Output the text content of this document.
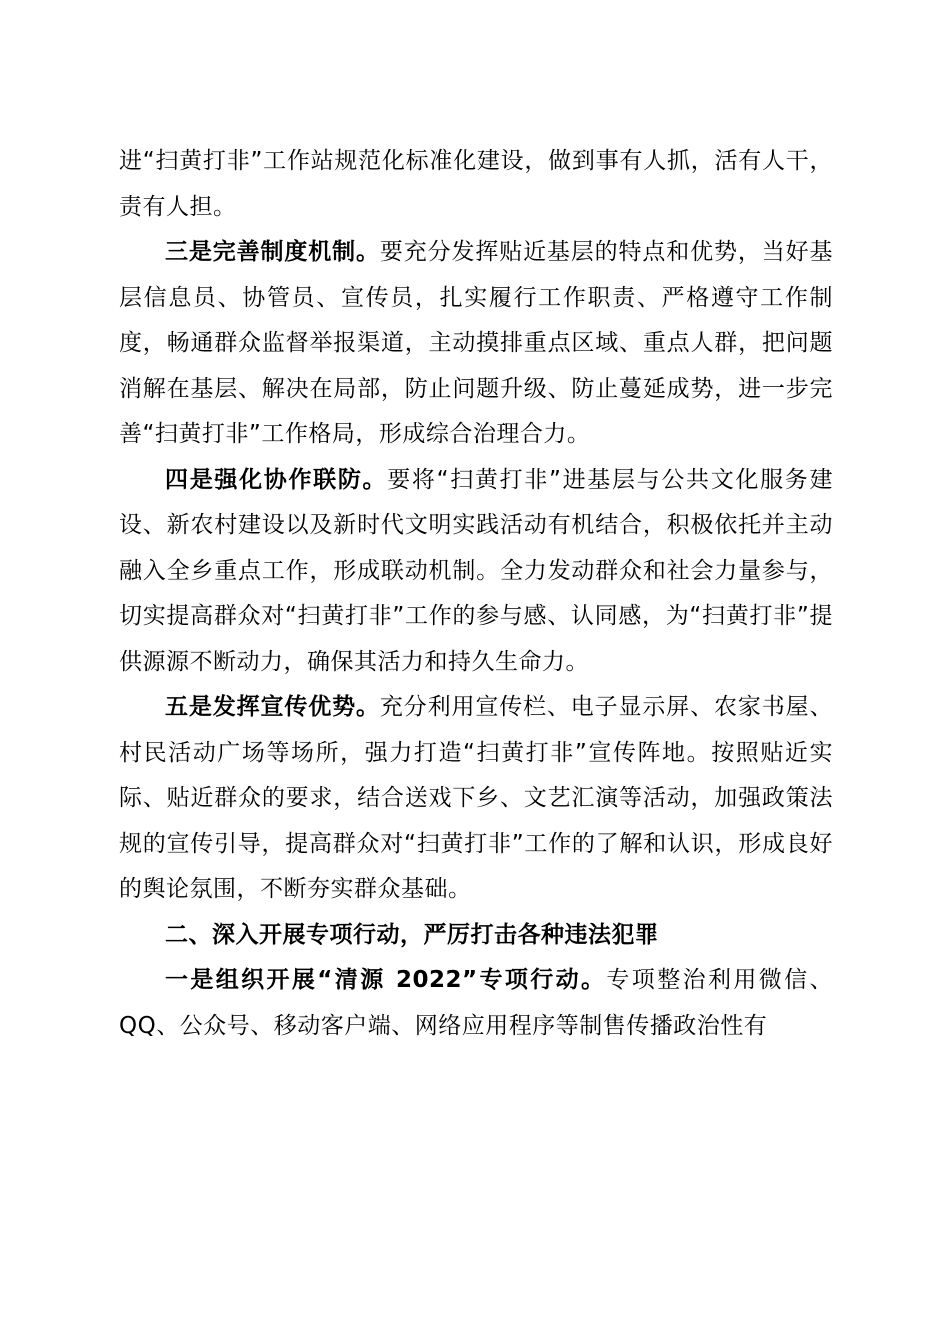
进“扫黄打非”工作站规范化标准化建设，做到事有人抓，活有人干，责有人担。

三是完善制度机制。要充分发挥贴近基层的特点和优势，当好基层信息员、协管员、宣传员，扎实履行工作职责、严格遵守工作制度，畅通群众监督举报渠道，主动摸排重点区域、重点人群，把问题消解在基层、解决在局部，防止问题升级、防止蔓延成势，进一步完善“扫黄打非”工作格局，形成综合治理合力。

四是强化协作联防。要将“扫黄打非”进基层与公共文化服务建设、新农村建设以及新时代文明实践活动有机结合，积极依托并主动融入全乡重点工作，形成联动机制。全力发动群众和社会力量参与，切实提高群众对“扫黄打非”工作的参与感、认同感，为“扫黄打非”提供源源不断动力，确保其活力和持久生命力。

五是发挥宣传优势。充分利用宣传栏、电子显示屏、农家书屋、村民活动广场等场所，强力打造“扫黄打非”宣传阵地。按照贴近实际、贴近群众的要求，结合送戏下乡、文艺汇演等活动，加强政策法规的宣传引导，提高群众对“扫黄打非”工作的了解和认识，形成良好的舆论氛围，不断夯实群众基础。

二、深入开展专项行动，严厉打击各种违法犯罪

一是组织开展“清源 2022”专项行动。专项整治利用微信、QQ、公众号、移动客户端、网络应用程序等制售传播政治性有
